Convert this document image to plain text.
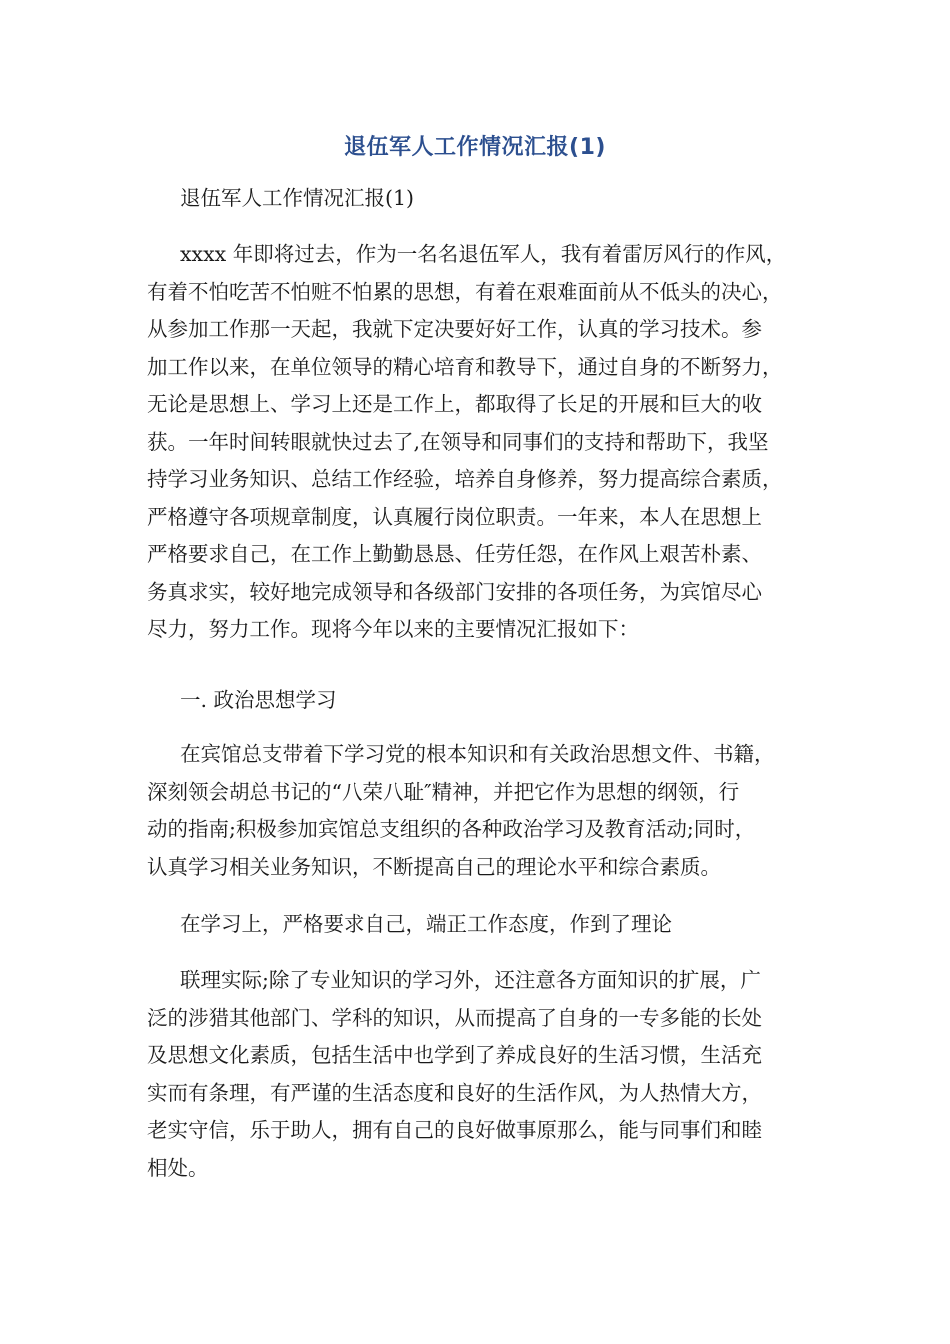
退伍军人工作情况汇报(1)

退伍军人工作情况汇报(1)

xxxx 年即将过去，作为一名名退伍军人，我有着雷厉风行的作风，
有着不怕吃苦不怕赃不怕累的思想，有着在艰难面前从不低头的决心，
从参加工作那一天起，我就下定决要好好工作，认真的学习技术。参
加工作以来，在单位领导的精心培育和教导下，通过自身的不断努力，
无论是思想上、学习上还是工作上，都取得了长足的开展和巨大的收
获。一年时间转眼就快过去了,在领导和同事们的支持和帮助下，我坚
持学习业务知识、总结工作经验，培养自身修养，努力提高综合素质，
严格遵守各项规章制度，认真履行岗位职责。一年来，本人在思想上
严格要求自己，在工作上勤勤恳恳、任劳任怨，在作风上艰苦朴素、
务真求实，较好地完成领导和各级部门安排的各项任务，为宾馆尽心
尽力，努力工作。现将今年以来的主要情况汇报如下：

一. 政治思想学习

在宾馆总支带着下学习党的根本知识和有关政治思想文件、书籍，
深刻领会胡总书记的“八荣八耻″精神，并把它作为思想的纲领，行
动的指南;积极参加宾馆总支组织的各种政治学习及教育活动;同时，
认真学习相关业务知识，不断提高自己的理论水平和综合素质。

在学习上，严格要求自己，端正工作态度，作到了理论

联理实际;除了专业知识的学习外，还注意各方面知识的扩展，广
泛的涉猎其他部门、学科的知识，从而提高了自身的一专多能的长处
及思想文化素质，包括生活中也学到了养成良好的生活习惯，生活充
实而有条理，有严谨的生活态度和良好的生活作风，为人热情大方，
老实守信，乐于助人，拥有自己的良好做事原那么，能与同事们和睦
相处。
